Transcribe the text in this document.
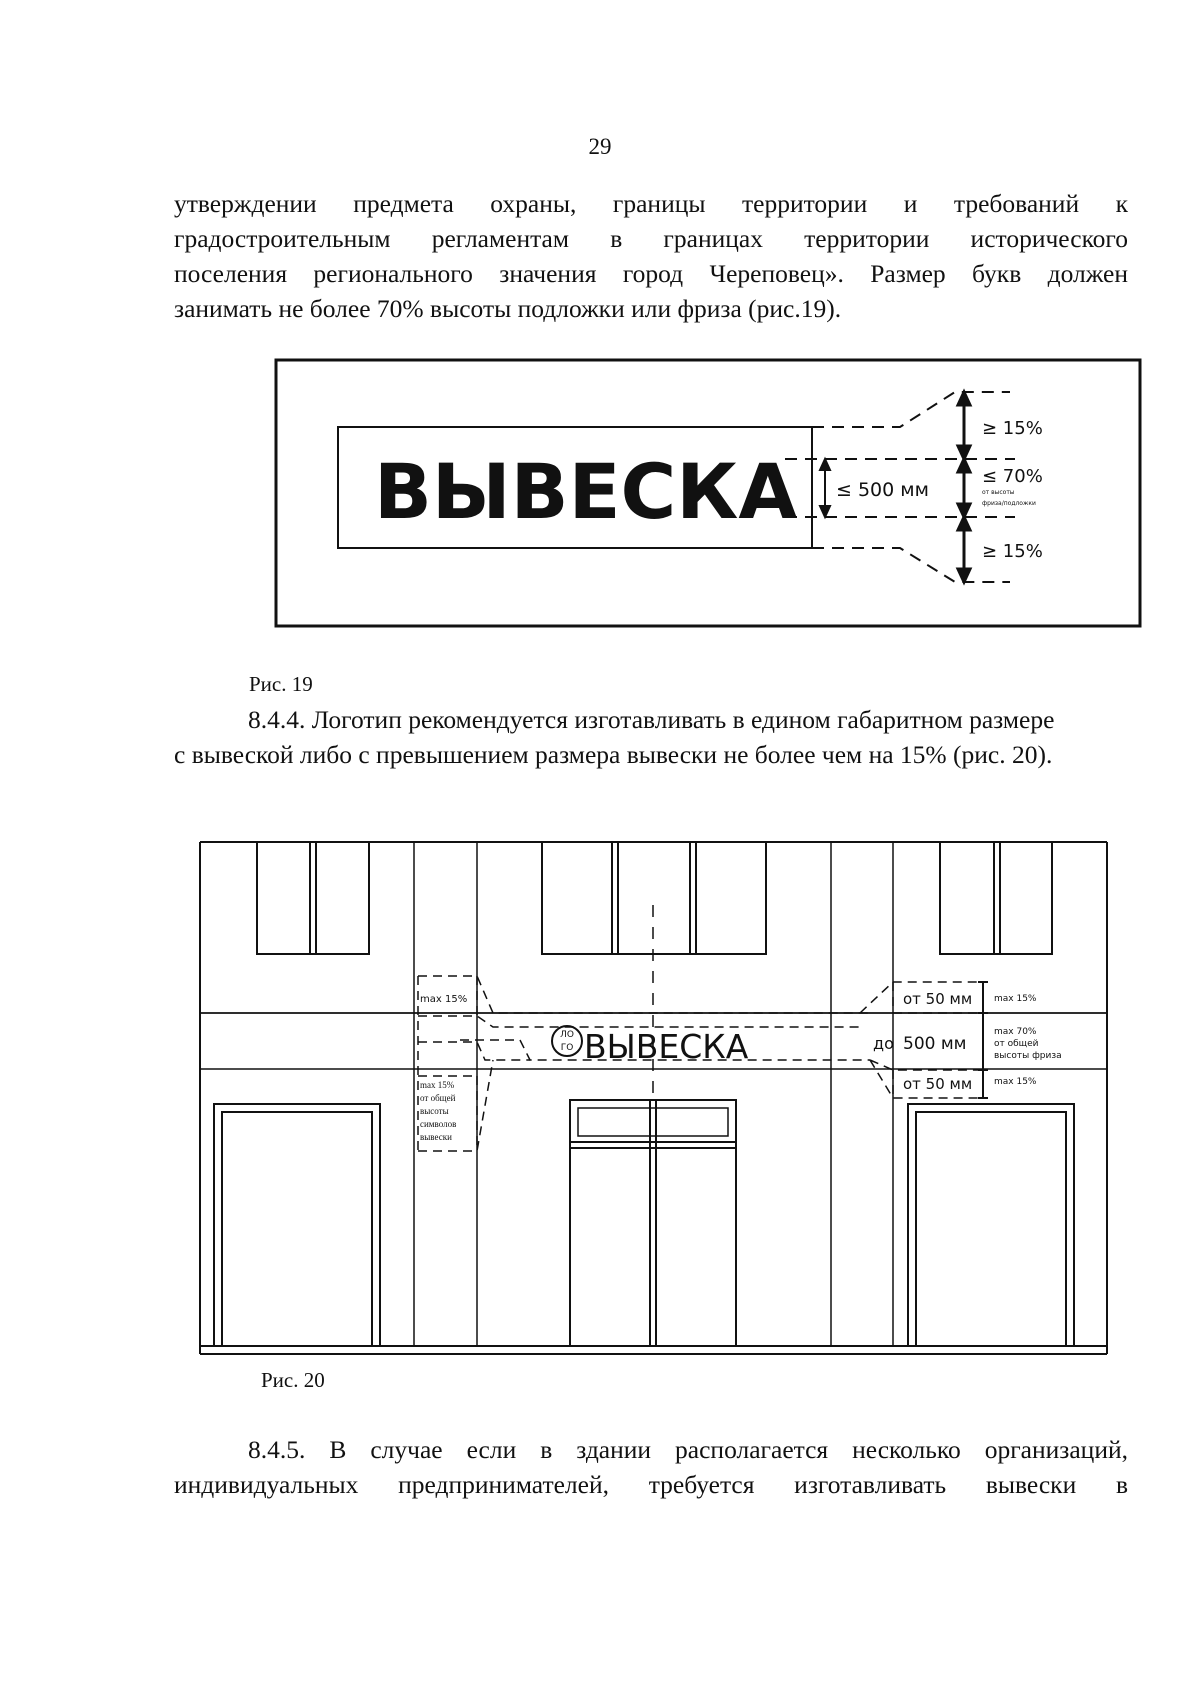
29
утверждении предмета охраны, границы территории и требований к
градостроительным регламентам в границах территории исторического
поселения регионального значения город Череповец». Размер букв должен
занимать не более 70% высоты подложки или фриза (рис.19).
ВЫВЕСКА ≤ 500 мм
≥ 15%
≤ 70%
от высоты
фриза/подложки
≥ 15%
Рис. 19
8.4.4. Логотип рекомендуется изготавливать в едином габаритном размере
с вывеской либо с превышением размера вывески не более чем на 15% (рис. 20).
ЛО
ГО ВЫВЕСКА
max 15%
max 15%
от общей
высоты
символов
вывески
от 50 мм
до 500 мм
от 50 мм
max 15%
max 70%
от общей
высоты фриза
max 15%
Рис. 20
8.4.5. В случае если в здании располагается несколько организаций,
индивидуальных предпринимателей, требуется изготавливать вывески в
